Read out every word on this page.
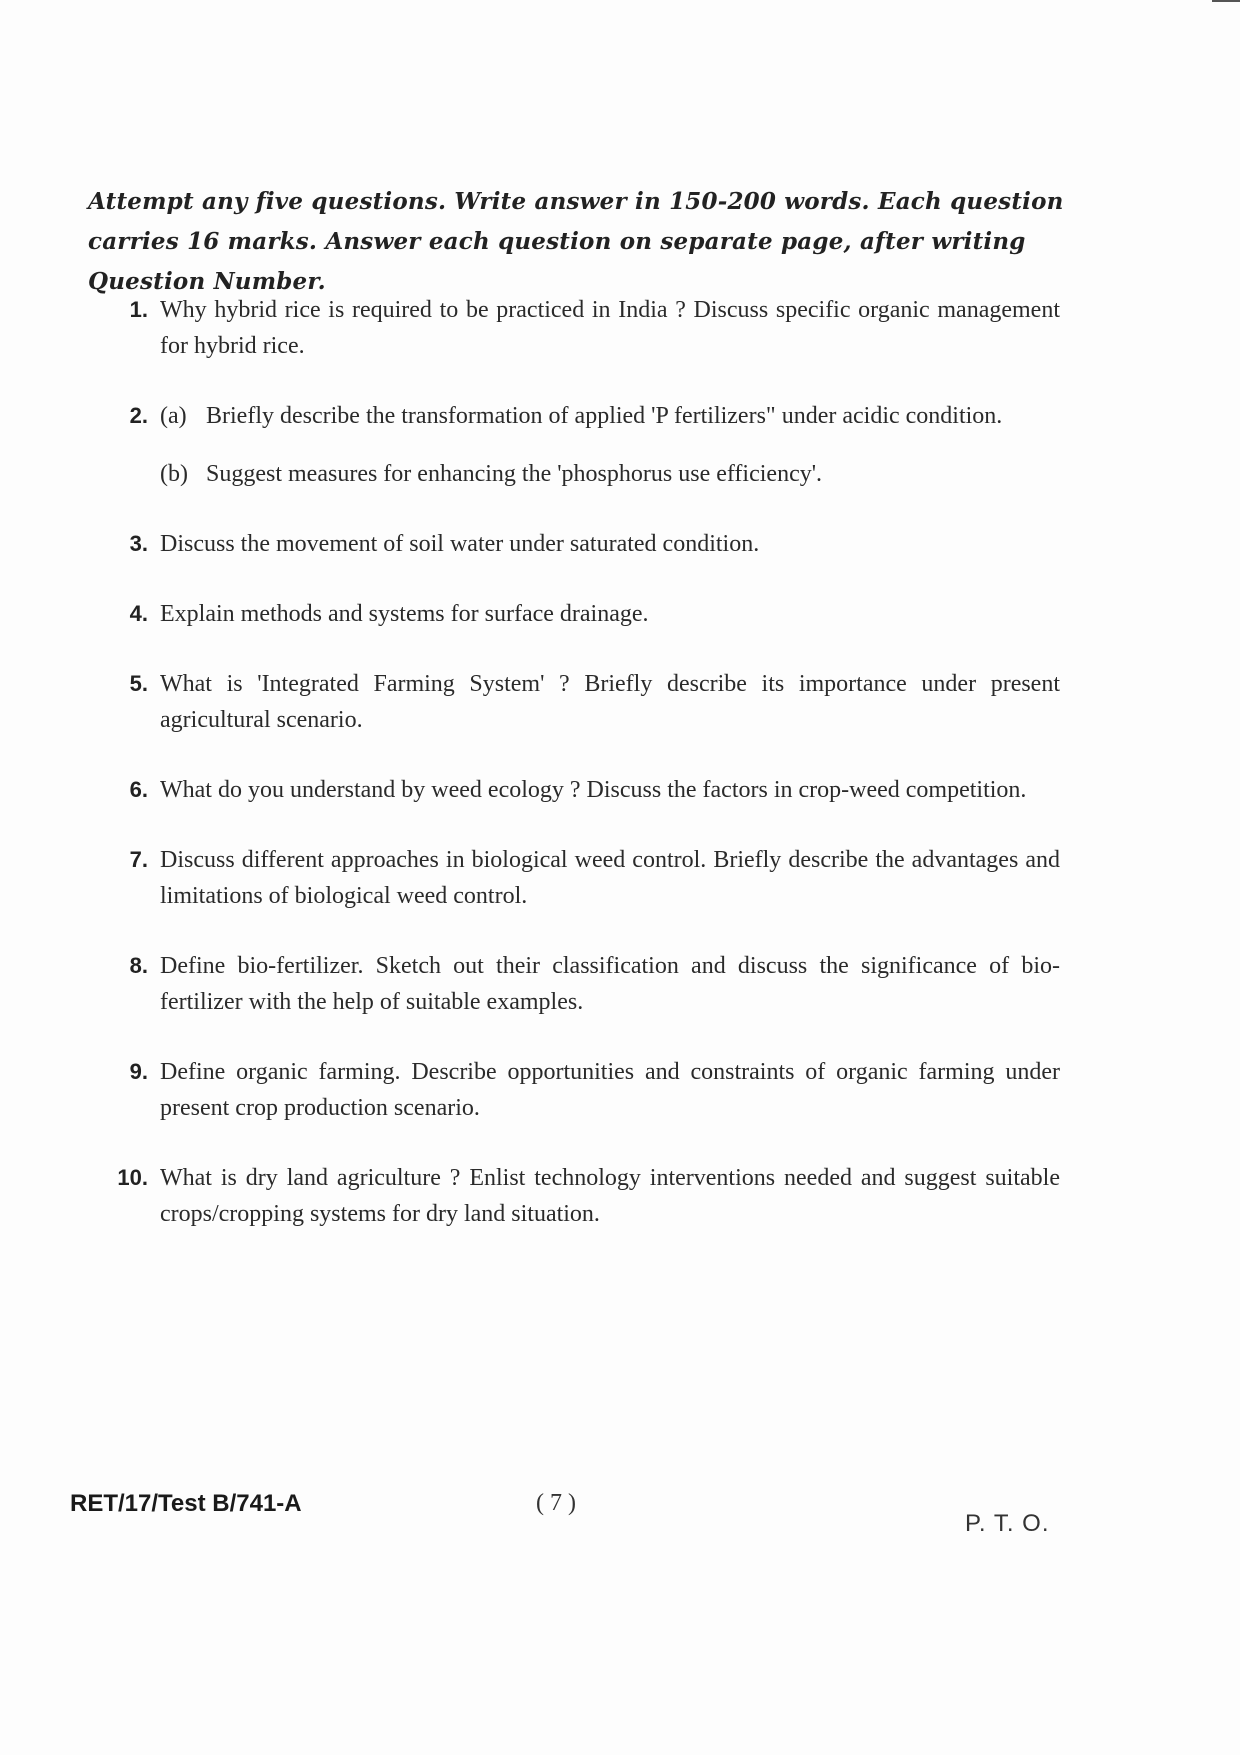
Attempt any five questions. Write answer in 150-200 words. Each question carries 16 marks. Answer each question on separate page, after writing Question Number.
1. Why hybrid rice is required to be practiced in India ? Discuss specific organic management for hybrid rice.
2. (a) Briefly describe the transformation of applied 'P fertilizers" under acidic condition.
(b) Suggest measures for enhancing the 'phosphorus use efficiency'.
3. Discuss the movement of soil water under saturated condition.
4. Explain methods and systems for surface drainage.
5. What is 'Integrated Farming System' ? Briefly describe its importance under present agricultural scenario.
6. What do you understand by weed ecology ? Discuss the factors in crop-weed competition.
7. Discuss different approaches in biological weed control. Briefly describe the advantages and limitations of biological weed control.
8. Define bio-fertilizer. Sketch out their classification and discuss the significance of bio-fertilizer with the help of suitable examples.
9. Define organic farming. Describe opportunities and constraints of organic farming under present crop production scenario.
10. What is dry land agriculture ? Enlist technology interventions needed and suggest suitable crops/cropping systems for dry land situation.
RET/17/Test B/741-A	( 7 )
P. T. O.
